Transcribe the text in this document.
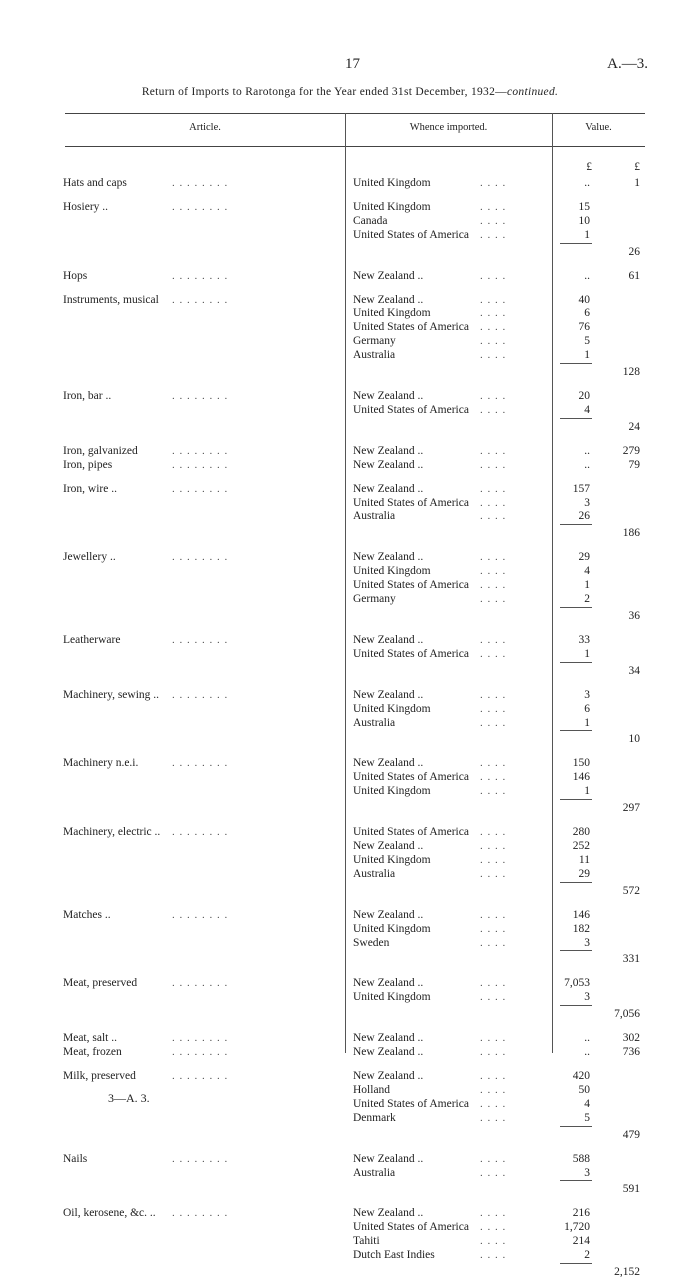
17	A.—3.
Return of Imports to Rarotonga for the Year ended 31st December, 1932—continued.
Article.	Whence imported.	Value.
£	£
Hats and caps	. . . . . . . .	United Kingdom	. . . .	..	1
Hosiery ..	. . . . . . . .	United Kingdom	. . . .	15
Canada	. . . .	10
United States of America . . . .	1
26
Hops	. . . . . . . .	New Zealand ..	. . . .	..	61
Instruments, musical . . . . . . . .	New Zealand ..	. . . .	40
United Kingdom	. . . .	6
United States of America . . . .	76
Germany	. . . .	5
Australia	. . . .	1
128
Iron, bar ..	. . . . . . . .	New Zealand ..	. . . .	20
United States of America . . . .	4
24
Iron, galvanized	. . . . . . . .	New Zealand ..	. . . .	..	279
Iron, pipes	. . . . . . . .	New Zealand ..	. . . .	..	79
Iron, wire ..	. . . . . . . .	New Zealand ..	. . . .	157
United States of America . . . .	3
Australia	. . . .	26
186
Jewellery ..	. . . . . . . .	New Zealand ..	. . . .	29
United Kingdom	. . . .	4
United States of America . . . .	1
Germany	. . . .	2
36
Leatherware	. . . . . . . .	New Zealand ..	. . . .	33
United States of America . . . .	1
34
Machinery, sewing .. . . . . . . . .	New Zealand ..	. . . .	3
United Kingdom	. . . .	6
Australia	. . . .	1
10
Machinery n.e.i.	. . . . . . . .	New Zealand ..	. . . .	150
United States of America . . . .	146
United Kingdom	. . . .	1
297
Machinery, electric .. . . . . . . . .	United States of America . . . .	280
New Zealand ..	. . . .	252
United Kingdom	. . . .	11
Australia	. . . .	29
572
Matches ..	. . . . . . . .	New Zealand ..	. . . .	146
United Kingdom	. . . .	182
Sweden	. . . .	3
331
Meat, preserved	. . . . . . . .	New Zealand ..	. . . .	7,053
United Kingdom	. . . .	3
7,056
Meat, salt ..	. . . . . . . .	New Zealand ..	. . . .	..	302
Meat, frozen	. . . . . . . .	New Zealand ..	. . . .	..	736
Milk, preserved	. . . . . . . .	New Zealand ..	. . . .	420
Holland	. . . .	50
United States of America . . . .	4
Denmark	. . . .	5
479
Nails	. . . . . . . .	New Zealand ..	. . . .	588
Australia	. . . .	3
591
Oil, kerosene, &c. .. . . . . . . . .	New Zealand ..	. . . .	216
United States of America . . . .	1,720
Tahiti	. . . .	214
Dutch East Indies	. . . .	2
2,152
3—A. 3.
